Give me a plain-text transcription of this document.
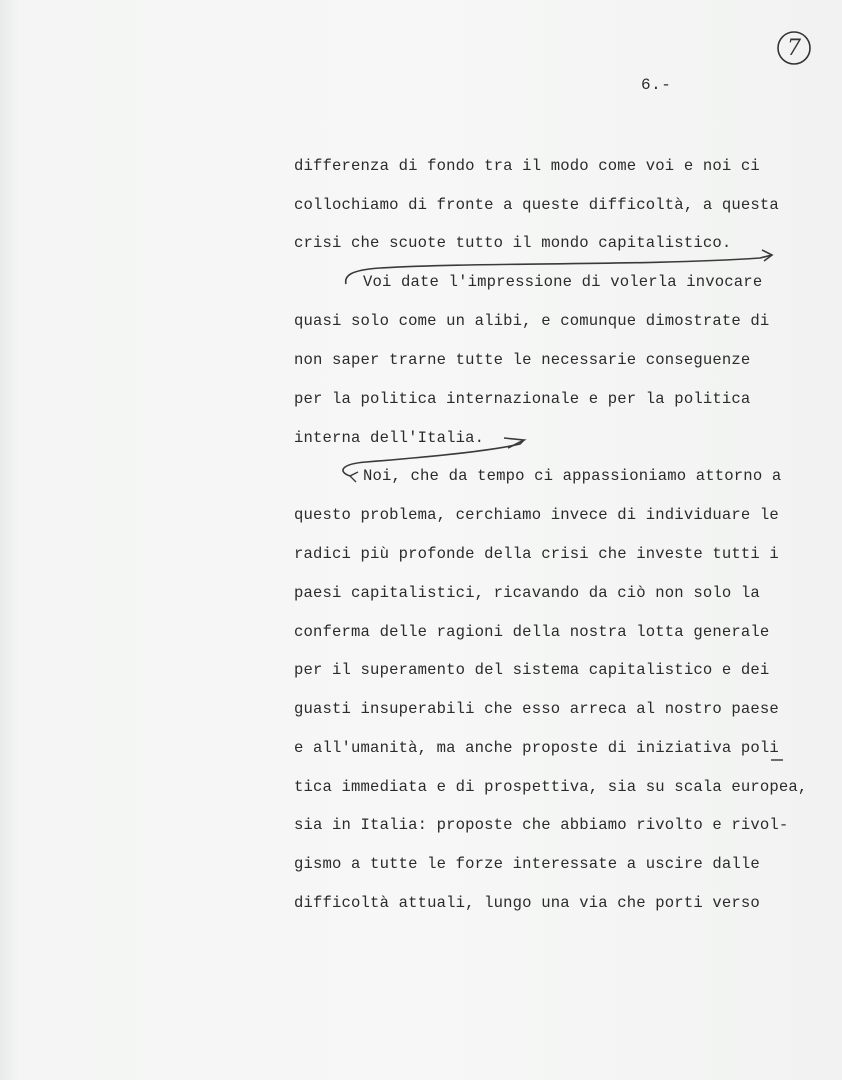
7
6.-
differenza di fondo tra il modo come voi e noi ci
collochiamo di fronte a queste difficoltà, a questa
crisi che scuote tutto il mondo capitalistico.
Voi date l'impressione di volerla invocare
quasi solo come un alibi, e comunque dimostrate di
non saper trarne tutte le necessarie conseguenze
per la politica internazionale e per la politica
interna dell'Italia.
Noi, che da tempo ci appassioniamo attorno a
questo problema, cerchiamo invece di individuare le
radici più profonde della crisi che investe tutti i
paesi capitalistici, ricavando da ciò non solo la
conferma delle ragioni della nostra lotta generale
per il superamento del sistema capitalistico e dei
guasti insuperabili che esso arreca al nostro paese
e all'umanità, ma anche proposte di iniziativa poli
tica immediata e di prospettiva, sia su scala europea,
sia in Italia: proposte che abbiamo rivolto e rivol-
gismo a tutte le forze interessate a uscire dalle
difficoltà attuali, lungo una via che porti verso
